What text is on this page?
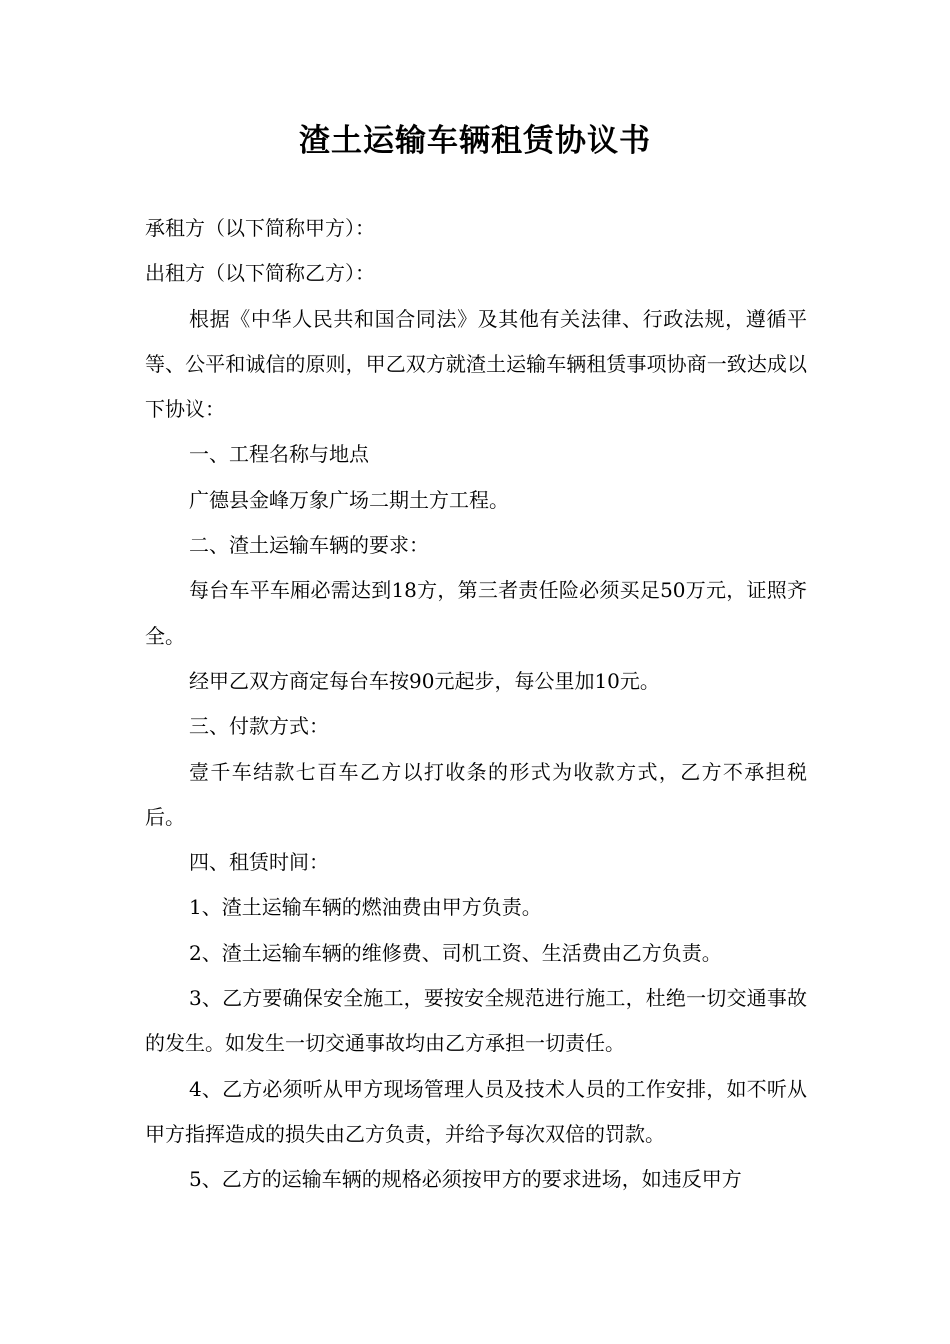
渣土运输车辆租赁协议书

承租方（以下简称甲方）：

出租方（以下简称乙方）：

根据《中华人民共和国合同法》及其他有关法律、行政法规，遵循平等、公平和诚信的原则，甲乙双方就渣土运输车辆租赁事项协商一致达成以下协议：

一、工程名称与地点

广德县金峰万象广场二期土方工程。

二、渣土运输车辆的要求：

每台车平车厢必需达到18方，第三者责任险必须买足50万元，证照齐全。

经甲乙双方商定每台车按90元起步，每公里加10元。

三、付款方式：

壹千车结款七百车乙方以打收条的形式为收款方式，乙方不承担税后。

四、租赁时间：

1、渣土运输车辆的燃油费由甲方负责。

2、渣土运输车辆的维修费、司机工资、生活费由乙方负责。

3、乙方要确保安全施工，要按安全规范进行施工，杜绝一切交通事故的发生。如发生一切交通事故均由乙方承担一切责任。

4、乙方必须听从甲方现场管理人员及技术人员的工作安排，如不听从甲方指挥造成的损失由乙方负责，并给予每次双倍的罚款。

5、乙方的运输车辆的规格必须按甲方的要求进场，如违反甲方
